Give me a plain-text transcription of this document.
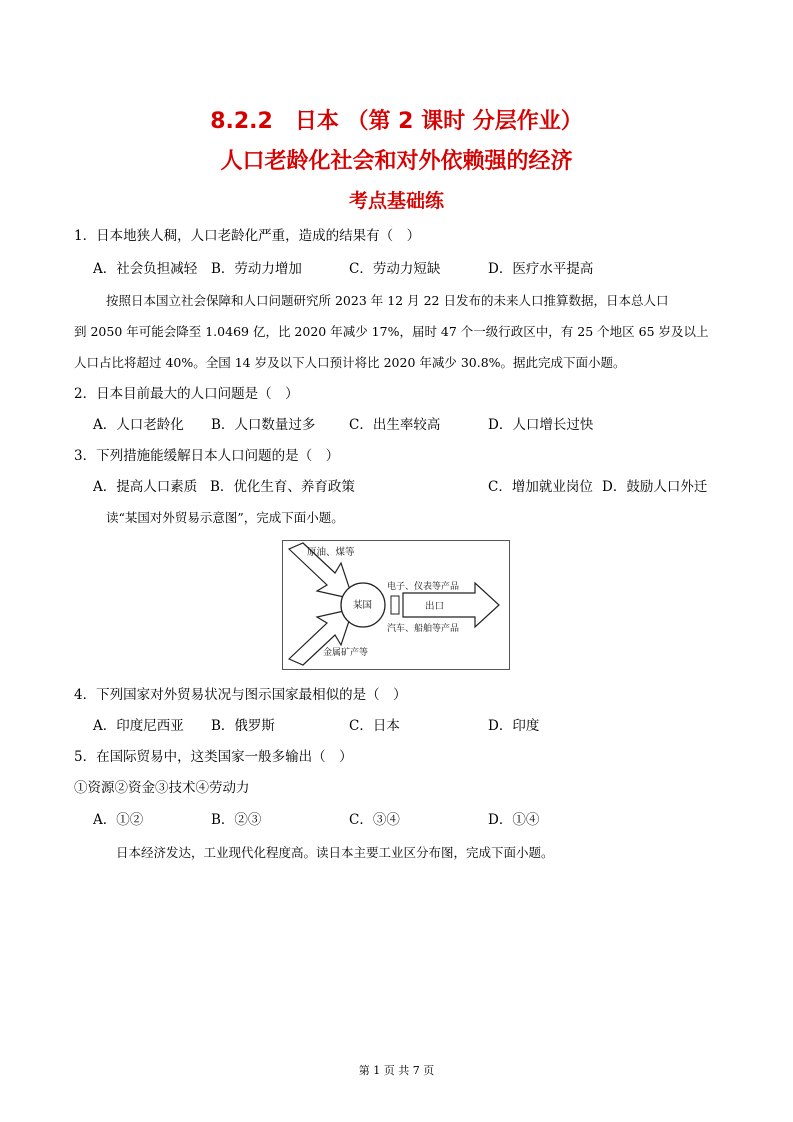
8.2.2　日本 （第 2 课时 分层作业）
人口老龄化社会和对外依赖强的经济
考点基础练
1．日本地狭人稠，人口老龄化严重，造成的结果有（　）
A．社会负担减轻 B．劳动力增加	C．劳动力短缺	D．医疗水平提高
按照日本国立社会保障和人口问题研究所 2023 年 12 月 22 日发布的未来人口推算数据，日本总人口
到 2050 年可能会降至 1.0469 亿，比 2020 年减少 17%，届时 47 个一级行政区中，有 25 个地区 65 岁及以上
人口占比将超过 40%。全国 14 岁及以下人口预计将比 2020 年减少 30.8%。据此完成下面小题。
2．日本目前最大的人口问题是（　）
A．人口老龄化 B．人口数量过多 C．出生率较高	D．人口增长过快
3．下列措施能缓解日本人口问题的是（　）
A．提高人口素质 B．优化生育、养育政策	C．增加就业岗位 D．鼓励人口外迁
读“某国对外贸易示意图”，完成下面小题。
原油、煤等
某国
电子、仪表等产品
出口
汽车、船舶等产品
金属矿产等
4．下列国家对外贸易状况与图示国家最相似的是（　）
A．印度尼西亚 B．俄罗斯	C．日本	D．印度
5．在国际贸易中，这类国家一般多输出（　）
①资源②资金③技术④劳动力
A．①②	B．②③	C．③④	D．①④
日本经济发达，工业现代化程度高。读日本主要工业区分布图，完成下面小题。
第 1 页 共 7 页
